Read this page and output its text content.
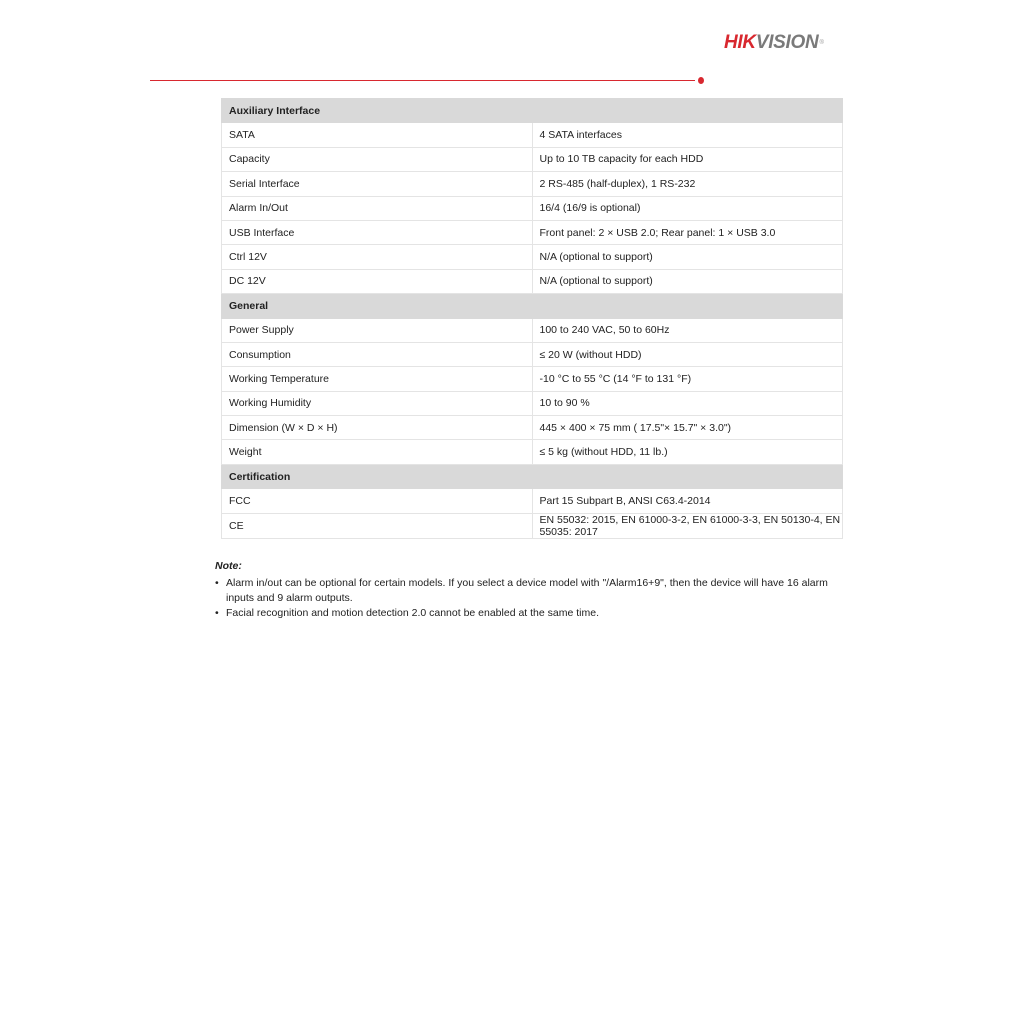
HIKVISION®
Auxiliary Interface	
SATA	4 SATA interfaces
Capacity	Up to 10 TB capacity for each HDD
Serial Interface	2 RS-485 (half-duplex), 1 RS-232
Alarm In/Out	16/4 (16/9 is optional)
USB Interface	Front panel: 2 × USB 2.0; Rear panel: 1 × USB 3.0
Ctrl 12V	N/A (optional to support)
DC 12V	N/A (optional to support)
General	
Power Supply	100 to 240 VAC, 50 to 60Hz
Consumption	≤ 20 W (without HDD)
Working Temperature	-10 °C to 55 °C (14 °F to 131 °F)
Working Humidity	10 to 90 %
Dimension (W × D × H)	445 × 400 × 75 mm ( 17.5"× 15.7" × 3.0")
Weight	≤ 5 kg (without HDD, 11 lb.)
Certification	
FCC	Part 15 Subpart B, ANSI C63.4-2014
CE	EN 55032: 2015, EN 61000-3-2, EN 61000-3-3, EN 50130-4, EN 55035: 2017
Note:
• Alarm in/out can be optional for certain models. If you select a device model with "/Alarm16+9", then the device will have 16 alarm inputs and 9 alarm outputs.
• Facial recognition and motion detection 2.0 cannot be enabled at the same time.
